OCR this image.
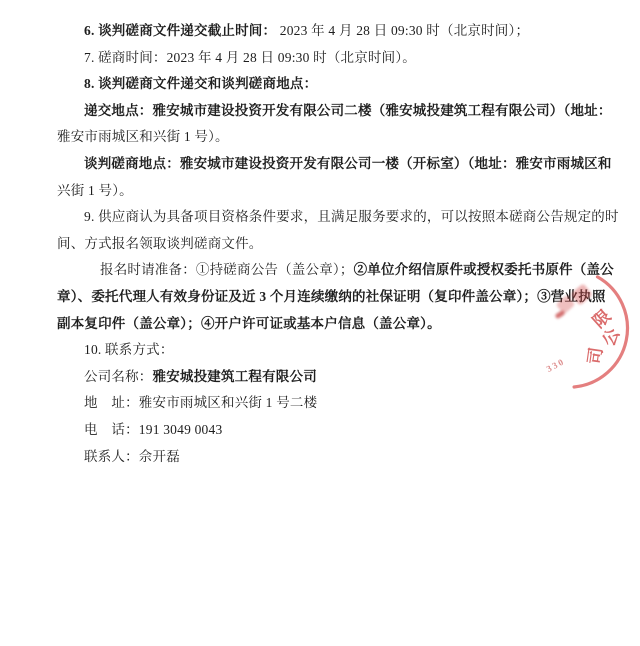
6. 谈判磋商文件递交截止时间： 2023 年 4 月 28 日 09:30 时（北京时间）；
7. 磋商时间：2023 年 4 月 28 日 09:30 时（北京时间）。
8. 谈判磋商文件递交和谈判磋商地点：
递交地点：雅安城市建设投资开发有限公司二楼（雅安城投建筑工程有限公司）（地址：
雅安市雨城区和兴街 1 号）。
谈判磋商地点：雅安城市建设投资开发有限公司一楼（开标室）（地址：雅安市雨城区和
兴街 1 号）。
9. 供应商认为具备项目资格条件要求，且满足服务要求的，可以按照本磋商公告规定的时
间、方式报名领取谈判磋商文件。
报名时请准备：①持磋商公告（盖公章）；②单位介绍信原件或授权委托书原件（盖公
章）、委托代理人有效身份证及近 3 个月连续缴纳的社保证明（复印件盖公章）；③营业执照
副本复印件（盖公章）；④开户许可证或基本户信息（盖公章）。
10. 联系方式：
公司名称：雅安城投建筑工程有限公司
地　址：雅安市雨城区和兴街 1 号二楼
电　话：191 3049 0043
联系人：佘开磊
限
公
司
330
